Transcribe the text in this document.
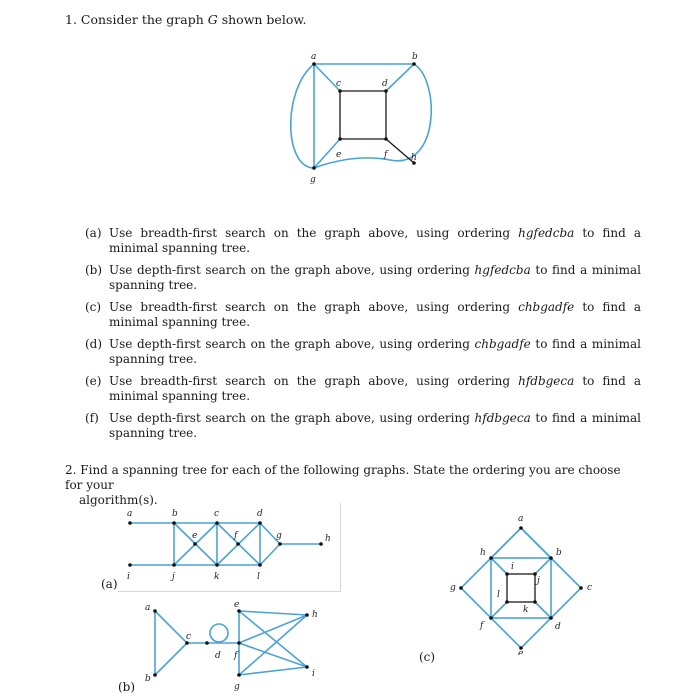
1. Consider the graph G shown below.
a	b
c	d
e	f
g
h
(a) Use breadth-first search on the graph above, using ordering hgfedcba to find a minimal spanning tree.
(b) Use depth-first search on the graph above, using ordering hgfedcba to find a minimal spanning tree.
(c) Use breadth-first search on the graph above, using ordering chbgadfe to find a minimal spanning tree.
(d) Use depth-first search on the graph above, using ordering chbgadfe to find a minimal spanning tree.
(e) Use breadth-first search on the graph above, using ordering hfdbgeca to find a minimal spanning tree.
(f) Use depth-first search on the graph above, using ordering hfdbgeca to find a minimal spanning tree.
2. Find a spanning tree for each of the following graphs. State the ordering you are choose for your
algorithm(s).
(a)
a	b	c	d
e	f	g	h
i	j	k	l
(b)
a
b
c
d
e
f
g
h
i
(c)
a
b
c
d
e
f
g
h
i
j
k
l
